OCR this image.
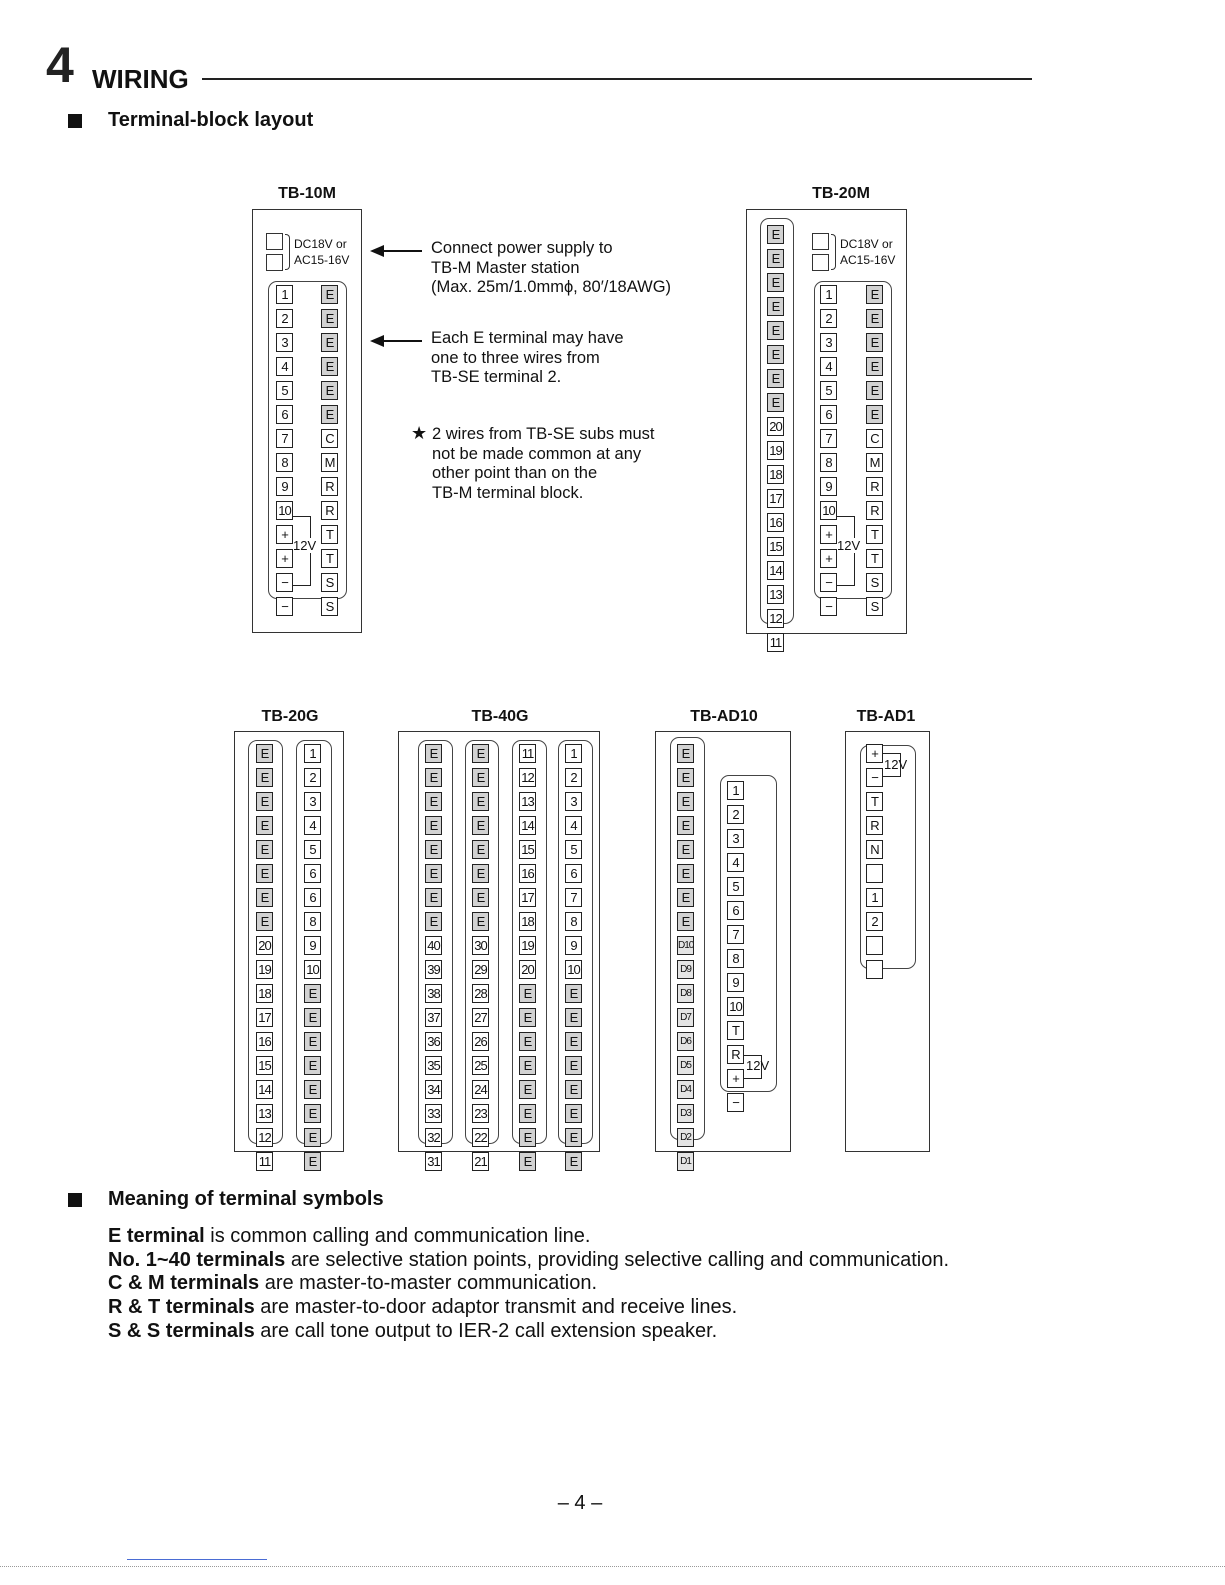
4 WIRING
Terminal-block layout
TB-10M
DC18V or
AC15-16V
1
2
3
4
5
6
7
8
9
10
+
+
−
−
E
E
E
E
E
E
C
M
R
R
T
T
S
S
12V
Connect power supply to
TB-M Master station
(Max. 25m/1.0mmϕ, 80′/18AWG)
Each E terminal may have
one to three wires from
TB-SE terminal 2.
★ 2 wires from TB-SE subs must
not be made common at any
other point than on the
TB-M terminal block.
TB-20M
E
E
E
E
E
E
E
E
20
19
18
17
16
15
14
13
12
11
DC18V or
AC15-16V
1
2
3
4
5
6
7
8
9
10
+
+
−
−
E
E
E
E
E
E
C
M
R
R
T
T
S
S
12V
TB-20G
E
E
E
E
E
E
E
E
20
19
18
17
16
15
14
13
12
11
1
2
3
4
5
6
6
8
9
10
E
E
E
E
E
E
E
E
TB-40G
E
E
E
E
E
E
E
E
40
39
38
37
36
35
34
33
32
31
E
E
E
E
E
E
E
E
30
29
28
27
26
25
24
23
22
21
11
12
13
14
15
16
17
18
19
20
E
E
E
E
E
E
E
E
1
2
3
4
5
6
7
8
9
10
E
E
E
E
E
E
E
E
TB-AD10
E
E
E
E
E
E
E
E
D10
D9
D8
D7
D6
D5
D4
D3
D2
D1
1
2
3
4
5
6
7
8
9
10
T
R
+
−
12V
TB-AD1
+
−
T
R
N
1
2
12V
Meaning of terminal symbols
E terminal is common calling and communication line.
No. 1~40 terminals are selective station points, providing selective calling and communication.
C & M terminals are master-to-master communication.
R & T terminals are master-to-door adaptor transmit and receive lines.
S & S terminals are call tone output to IER-2 call extension speaker.
– 4 –
